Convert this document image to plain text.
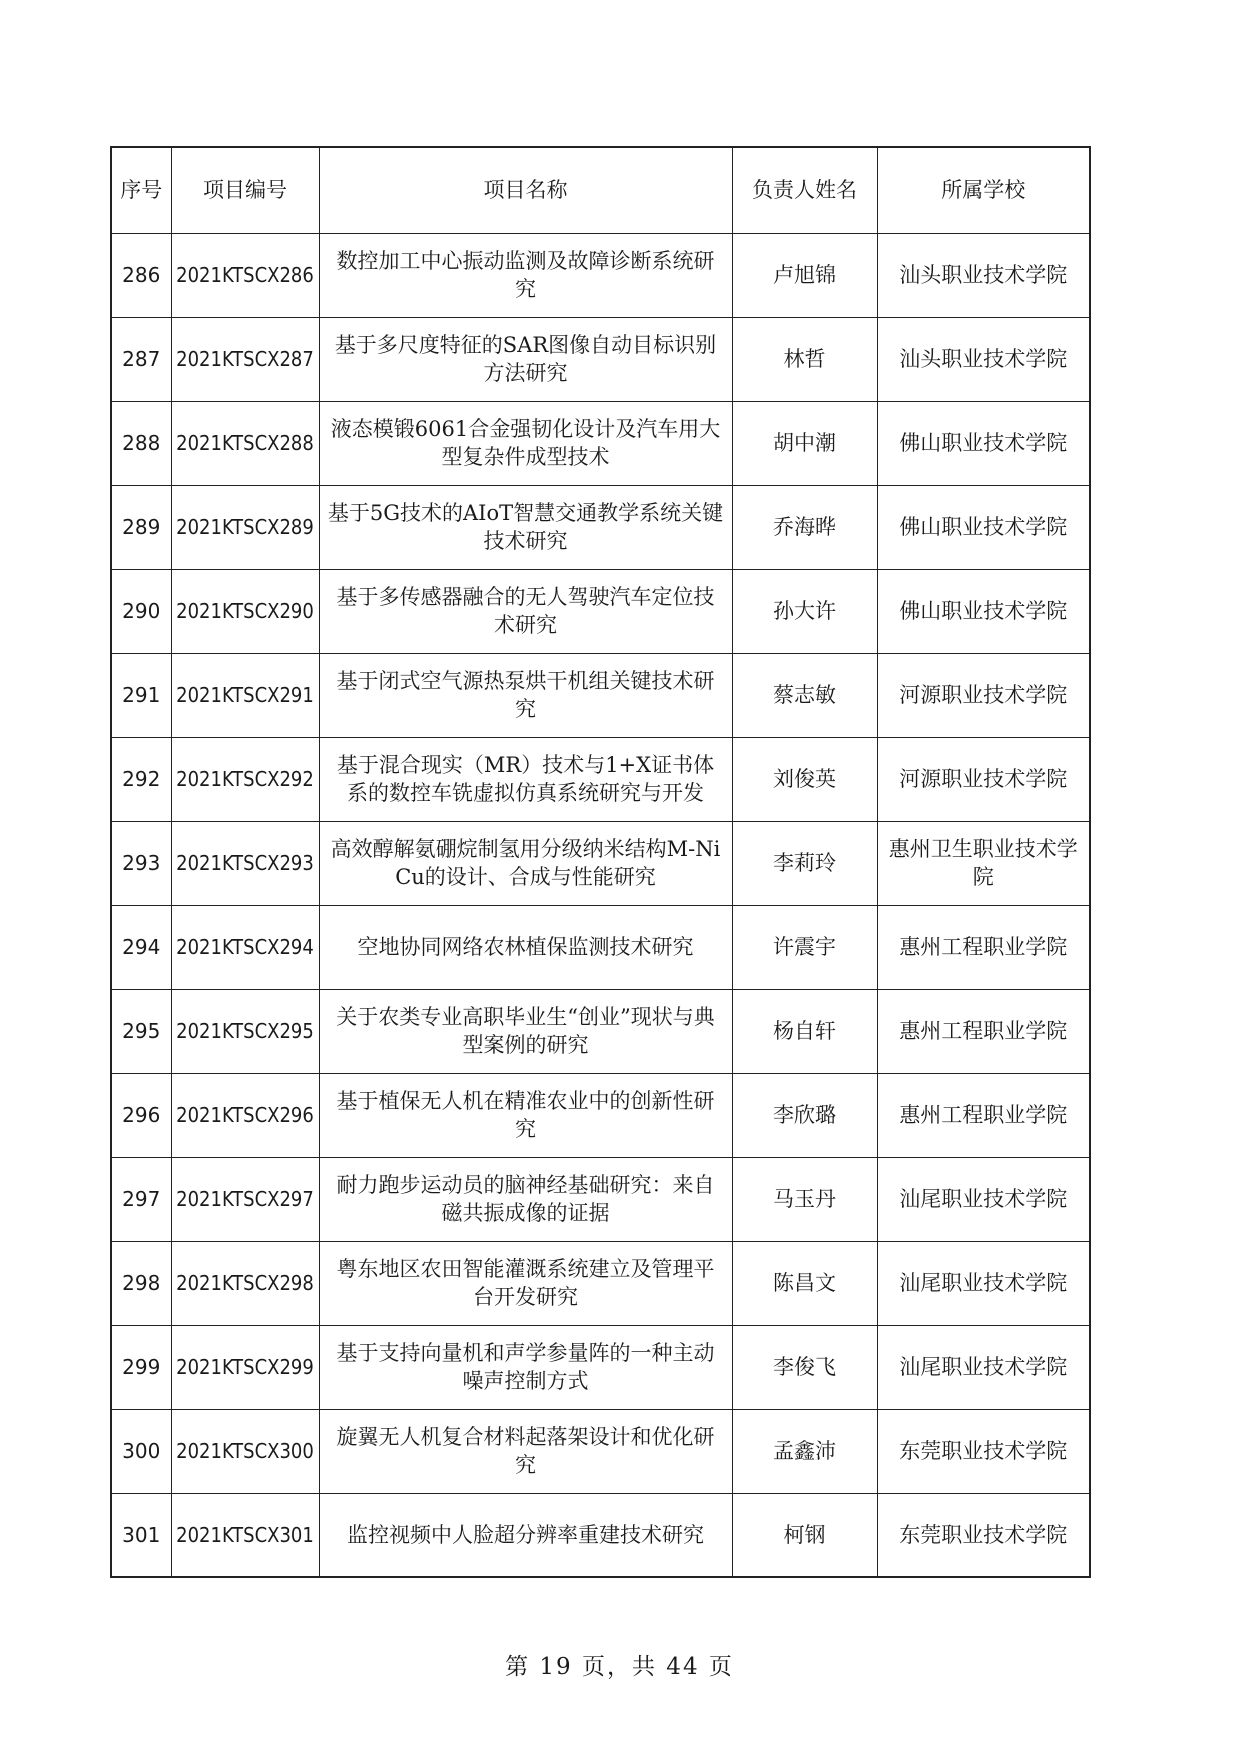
序号	项目编号	项目名称	负责人姓名	所属学校
286	2021KTSCX286	数控加工中心振动监测及故障诊断系统研究	卢旭锦	汕头职业技术学院
287	2021KTSCX287	基于多尺度特征的SAR图像自动目标识别方法研究	林哲	汕头职业技术学院
288	2021KTSCX288	液态模锻6061合金强韧化设计及汽车用大型复杂件成型技术	胡中潮	佛山职业技术学院
289	2021KTSCX289	基于5G技术的AIoT智慧交通教学系统关键技术研究	乔海晔	佛山职业技术学院
290	2021KTSCX290	基于多传感器融合的无人驾驶汽车定位技术研究	孙大许	佛山职业技术学院
291	2021KTSCX291	基于闭式空气源热泵烘干机组关键技术研究	蔡志敏	河源职业技术学院
292	2021KTSCX292	基于混合现实（MR）技术与1+X证书体系的数控车铣虚拟仿真系统研究与开发	刘俊英	河源职业技术学院
293	2021KTSCX293	高效醇解氨硼烷制氢用分级纳米结构M-NiCu的设计、合成与性能研究	李莉玲	惠州卫生职业技术学院
294	2021KTSCX294	空地协同网络农林植保监测技术研究	许震宇	惠州工程职业学院
295	2021KTSCX295	关于农类专业高职毕业生“创业”现状与典型案例的研究	杨自轩	惠州工程职业学院
296	2021KTSCX296	基于植保无人机在精准农业中的创新性研究	李欣璐	惠州工程职业学院
297	2021KTSCX297	耐力跑步运动员的脑神经基础研究：来自磁共振成像的证据	马玉丹	汕尾职业技术学院
298	2021KTSCX298	粤东地区农田智能灌溉系统建立及管理平台开发研究	陈昌文	汕尾职业技术学院
299	2021KTSCX299	基于支持向量机和声学参量阵的一种主动噪声控制方式	李俊飞	汕尾职业技术学院
300	2021KTSCX300	旋翼无人机复合材料起落架设计和优化研究	孟鑫沛	东莞职业技术学院
301	2021KTSCX301	监控视频中人脸超分辨率重建技术研究	柯钢	东莞职业技术学院
第 19 页，共 44 页
